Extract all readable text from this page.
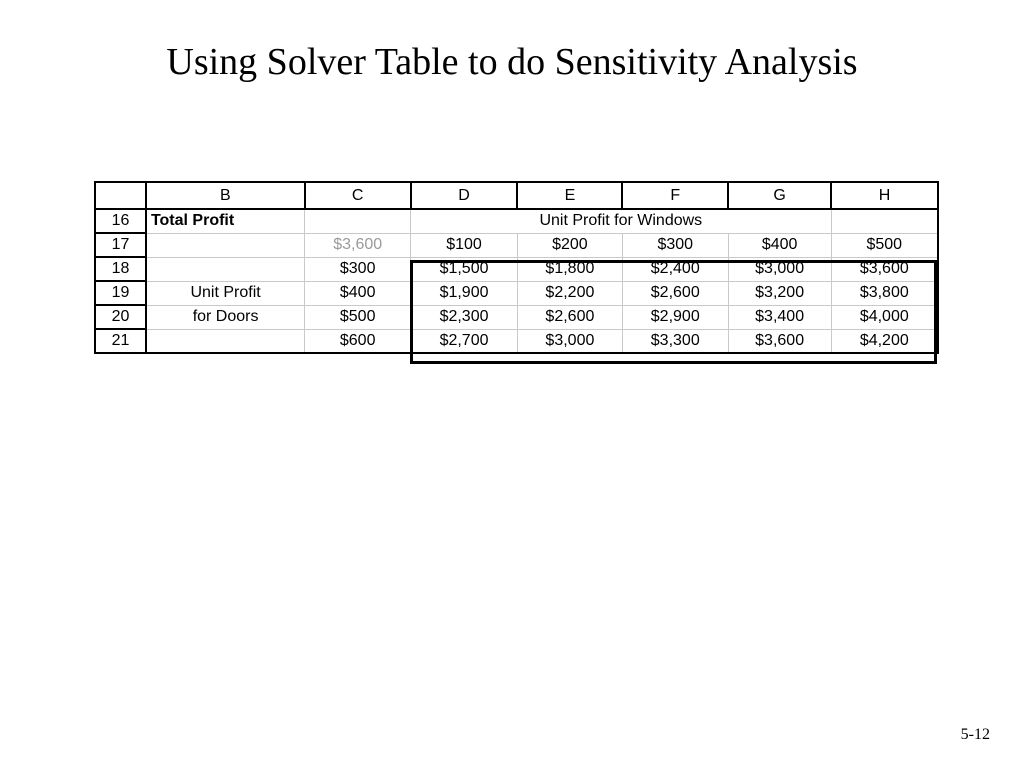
Using Solver Table to do Sensitivity Analysis
	B	C	D	E	F	G	H
16	Total Profit		Unit Profit for Windows				
17		$3,600	$100	$200	$300	$400	$500
18		$300	$1,500	$1,800	$2,400	$3,000	$3,600
19	Unit Profit	$400	$1,900	$2,200	$2,600	$3,200	$3,800
20	for Doors	$500	$2,300	$2,600	$2,900	$3,400	$4,000
21		$600	$2,700	$3,000	$3,300	$3,600	$4,200
5-12
